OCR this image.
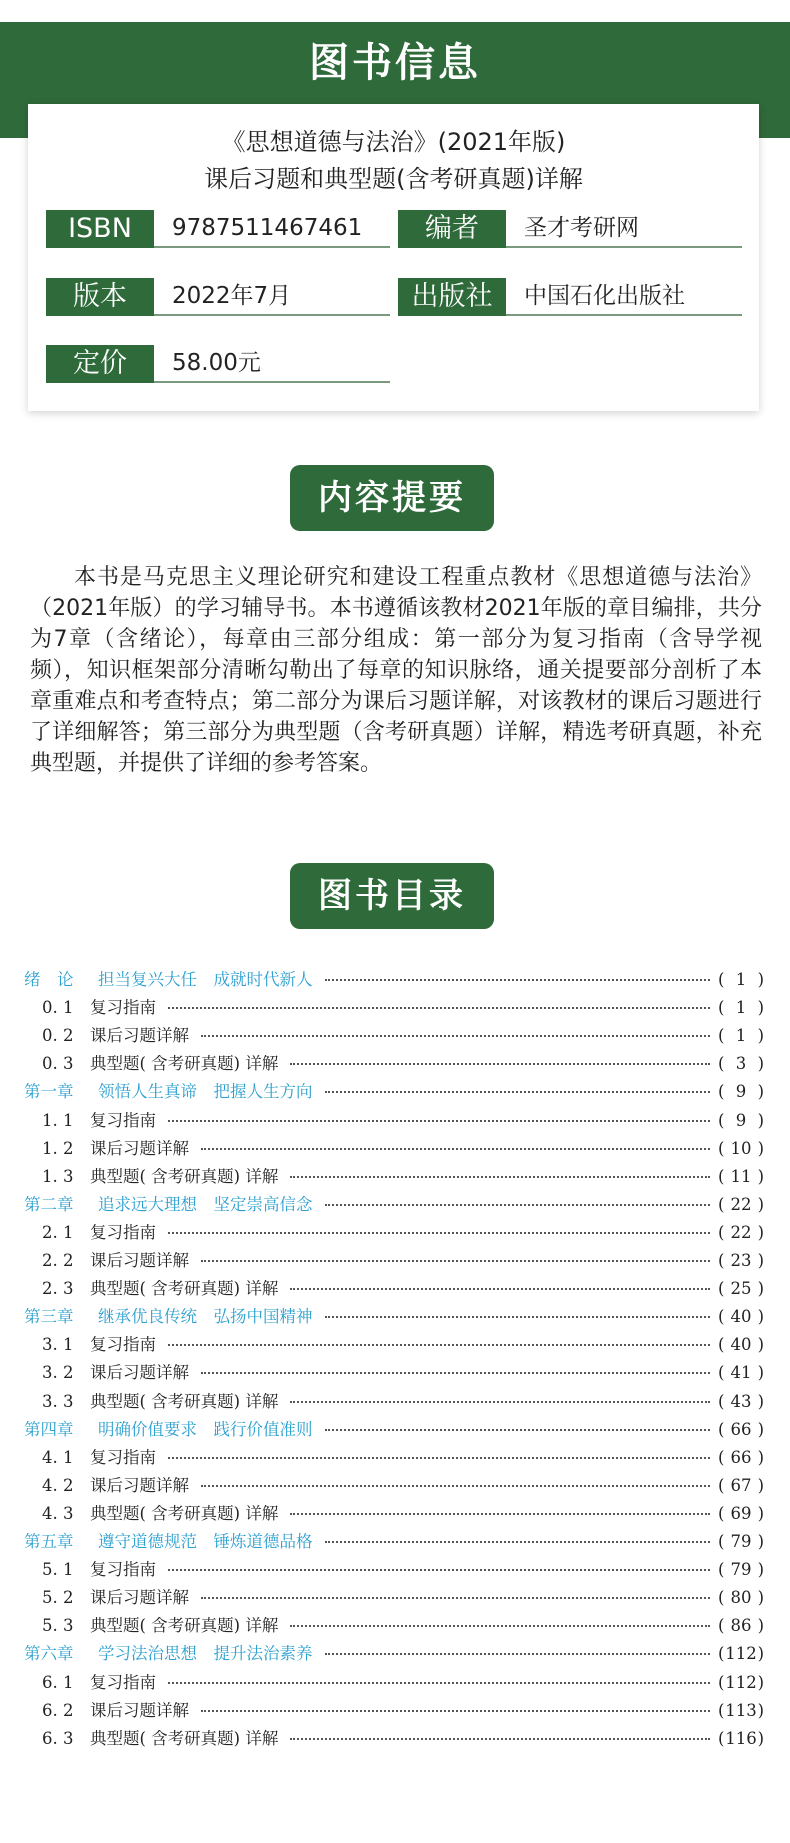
图书信息
《思想道德与法治》(2021年版)
课后习题和典型题(含考研真题)详解
ISBN	9787511467461	编者	圣才考研网
版本	2022年7月	出版社	中国石化出版社
定价	58.00元
内容提要

本书是马克思主义理论研究和建设工程重点教材《思想道德与法治》（2021年版）的学习辅导书。本书遵循该教材2021年版的章目编排，共分为7章（含绪论），每章由三部分组成：第一部分为复习指南（含导学视频），知识框架部分清晰勾勒出了每章的知识脉络，通关提要部分剖析了本章重难点和考查特点；第二部分为课后习题详解，对该教材的课后习题进行了详细解答；第三部分为典型题（含考研真题）详解，精选考研真题，补充典型题，并提供了详细的参考答案。

图书目录
绪　论 担当复兴大任　成就时代新人	( 1 )
0. 1 复习指南	( 1 )
0. 2 课后习题详解	( 1 )
0. 3 典型题( 含考研真题) 详解	( 3 )
第一章 领悟人生真谛　把握人生方向	( 9 )
1. 1 复习指南	( 9 )
1. 2 课后习题详解	( 10 )
1. 3 典型题( 含考研真题) 详解	( 11 )
第二章 追求远大理想　坚定崇高信念	( 22 )
2. 1 复习指南	( 22 )
2. 2 课后习题详解	( 23 )
2. 3 典型题( 含考研真题) 详解	( 25 )
第三章 继承优良传统　弘扬中国精神	( 40 )
3. 1 复习指南	( 40 )
3. 2 课后习题详解	( 41 )
3. 3 典型题( 含考研真题) 详解	( 43 )
第四章 明确价值要求　践行价值准则	( 66 )
4. 1 复习指南	( 66 )
4. 2 课后习题详解	( 67 )
4. 3 典型题( 含考研真题) 详解	( 69 )
第五章 遵守道德规范　锤炼道德品格	( 79 )
5. 1 复习指南	( 79 )
5. 2 课后习题详解	( 80 )
5. 3 典型题( 含考研真题) 详解	( 86 )
第六章 学习法治思想　提升法治素养	( 112 )
6. 1 复习指南	( 112 )
6. 2 课后习题详解	( 113 )
6. 3 典型题( 含考研真题) 详解	( 116 )
